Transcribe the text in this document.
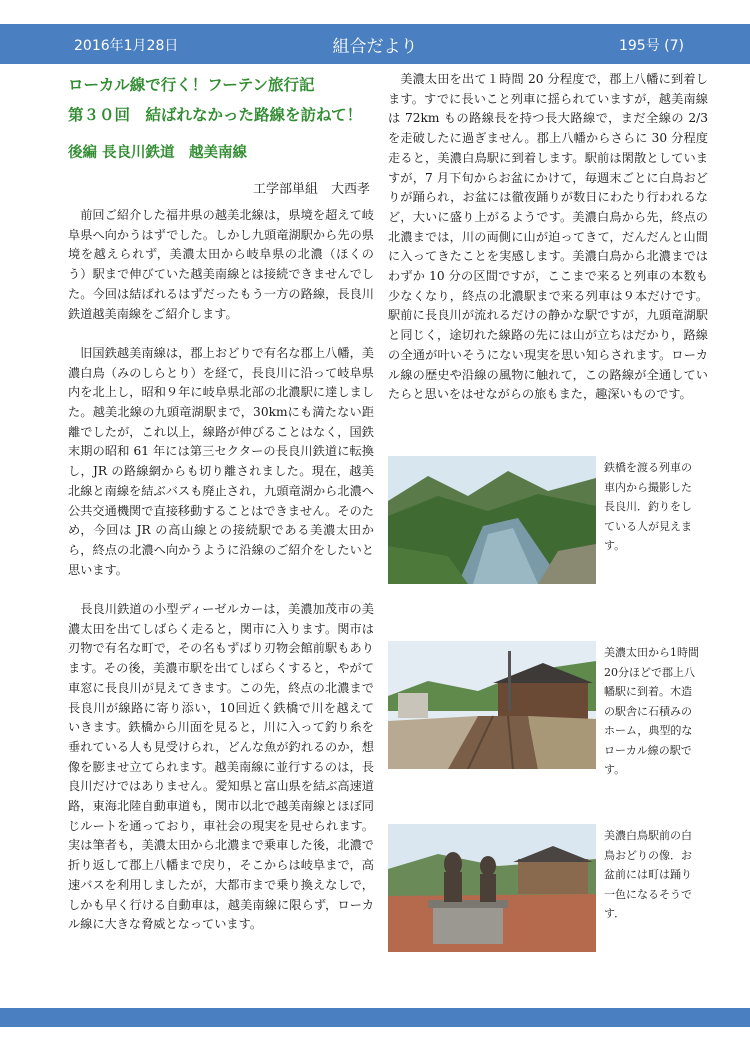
2016年1月28日	組合だより	195号 (7)

ローカル線で行く！フーテン旅行記

第３０回　結ばれなかった路線を訪ねて！

後編 長良川鉄道　越美南線

工学部単組　大西孝

前回ご紹介した福井県の越美北線は，県境を超えて岐阜県へ向かうはずでした。しかし九頭竜湖駅から先の県境を越えられず，美濃太田から岐阜県の北濃（ほくのう）駅まで伸びていた越美南線とは接続できませんでした。今回は結ばれるはずだったもう一方の路線，長良川鉄道越美南線をご紹介します。

旧国鉄越美南線は，郡上おどりで有名な郡上八幡，美濃白鳥（みのしらとり）を経て，長良川に沿って岐阜県内を北上し，昭和９年に岐阜県北部の北濃駅に達しました。越美北線の九頭竜湖駅まで，30kmにも満たない距離でしたが，これ以上，線路が伸びることはなく，国鉄末期の昭和 61 年には第三セクターの長良川鉄道に転換し，JR の路線網からも切り離されました。現在，越美北線と南線を結ぶバスも廃止され，九頭竜湖から北濃へ公共交通機関で直接移動することはできません。そのため，今回は JR の高山線との接続駅である美濃太田から，終点の北濃へ向かうように沿線のご紹介をしたいと思います。

長良川鉄道の小型ディーゼルカーは，美濃加茂市の美濃太田を出てしばらく走ると，関市に入ります。関市は刃物で有名な町で，その名もずばり刃物会館前駅もあります。その後，美濃市駅を出てしばらくすると，やがて車窓に長良川が見えてきます。この先，終点の北濃まで長良川が線路に寄り添い，10回近く鉄橋で川を越えていきます。鉄橋から川面を見ると，川に入って釣り糸を垂れている人も見受けられ，どんな魚が釣れるのか，想像を膨ませ立てられます。越美南線に並行するのは，長良川だけではありません。愛知県と富山県を結ぶ高速道路，東海北陸自動車道も，関市以北で越美南線とほぼ同じルートを通っており，車社会の現実を見せられます。実は筆者も，美濃太田から北濃まで乗車した後，北濃で折り返して郡上八幡まで戻り，そこからは岐阜まで，高速バスを利用しましたが，大都市まで乗り換えなしで，しかも早く行ける自動車は，越美南線に限らず，ローカル線に大きな脅威となっています。

美濃太田を出て１時間 20 分程度で，郡上八幡に到着します。すでに長いこと列車に揺られていますが，越美南線は 72km もの路線長を持つ長大路線で，まだ全線の 2/3 を走破したに過ぎません。郡上八幡からさらに 30 分程度走ると，美濃白鳥駅に到着します。駅前は閑散としていますが，7 月下旬からお盆にかけて，毎週末ごとに白鳥おどりが踊られ，お盆には徹夜踊りが数日にわたり行われるなど，大いに盛り上がるようです。美濃白鳥から先，終点の北濃までは，川の両側に山が迫ってきて，だんだんと山間に入ってきたことを実感します。美濃白鳥から北濃まではわずか 10 分の区間ですが，ここまで来ると列車の本数も少なくなり，終点の北濃駅まで来る列車は９本だけです。駅前に長良川が流れるだけの静かな駅ですが，九頭竜湖駅と同じく，途切れた線路の先には山が立ちはだかり，路線の全通が叶いそうにない現実を思い知らされます。ローカル線の歴史や沿線の風物に触れて，この路線が全通していたらと思いをはせながらの旅もまた，趣深いものです。

鉄橋を渡る列車の車内から撮影した長良川．釣りをしている人が見えます。
美濃太田から1時間20分ほどで郡上八幡駅に到着。木造の駅舎に石積みのホーム，典型的なローカル線の駅です。
美濃白鳥駅前の白鳥おどりの像．お盆前には町は踊り一色になるそうです．
